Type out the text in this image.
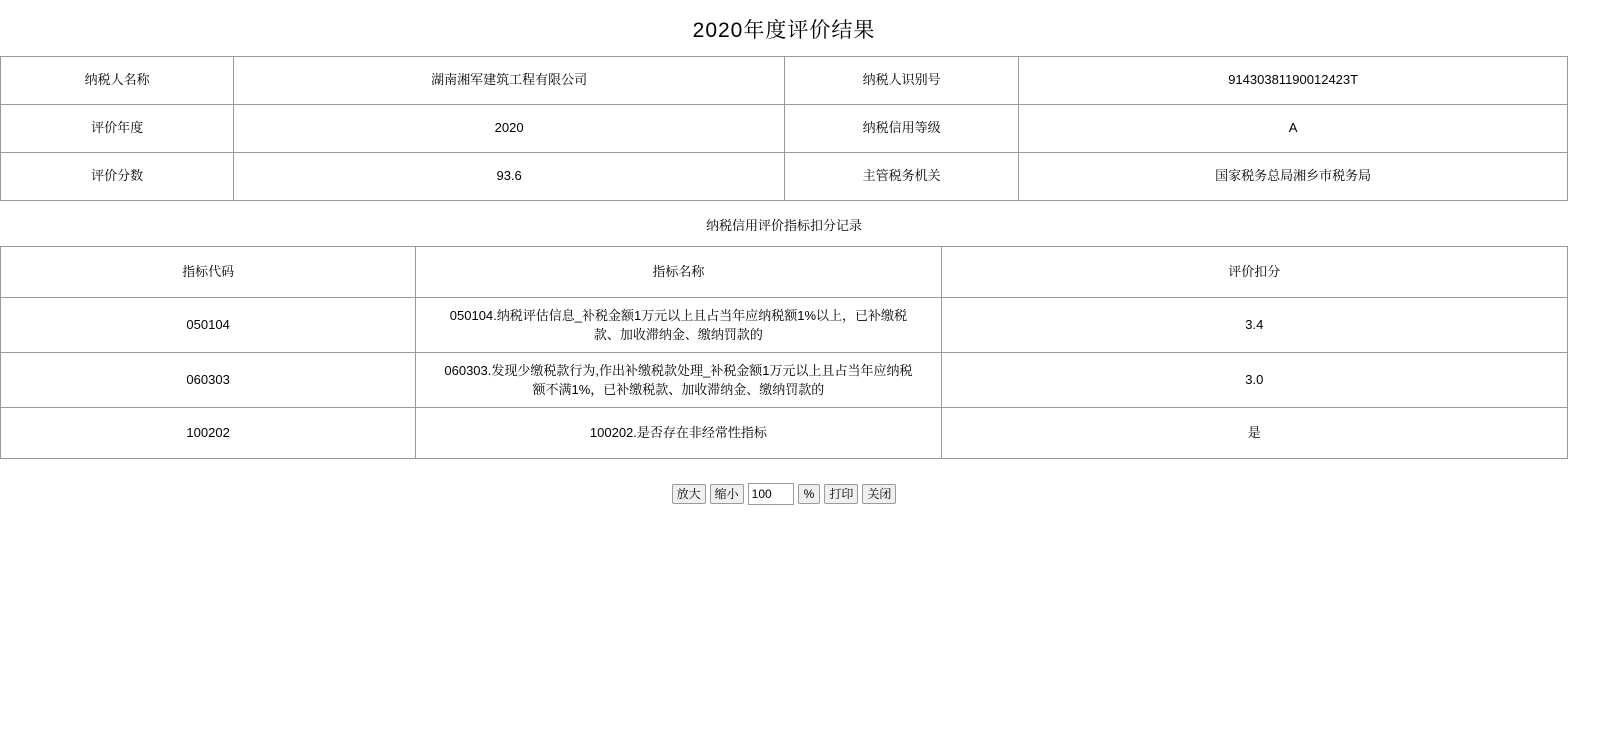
2020年度评价结果
纳税人名称	湖南湘军建筑工程有限公司	纳税人识别号	91430381190012423T
评价年度	2020	纳税信用等级	A
评价分数	93.6	主管税务机关	国家税务总局湘乡市税务局
纳税信用评价指标扣分记录
指标代码	指标名称	评价扣分
050104	050104.纳税评估信息_补税金额1万元以上且占当年应纳税额1%以上，已补缴税款、加收滞纳金、缴纳罚款的	3.4
060303	060303.发现少缴税款行为,作出补缴税款处理_补税金额1万元以上且占当年应纳税额不满1%，已补缴税款、加收滞纳金、缴纳罚款的	3.0
100202	100202.是否存在非经常性指标	是
放大	缩小
100	%	打印	关闭
